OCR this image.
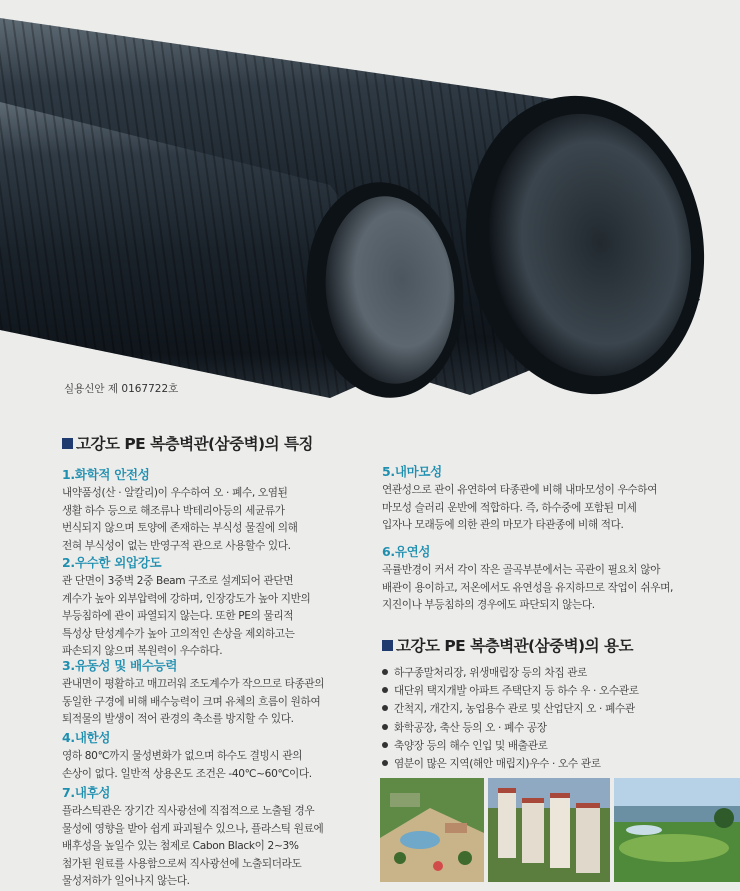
실용신안 제 0167722호
고강도 PE 복층벽관(삼중벽)의 특징
1.화학적 안전성

내약품성(산 · 알칼리)이 우수하여 오 · 폐수, 오염된
생활 하수 등으로 해조류나 박테리아등의 세균류가
번식되지 않으며 토양에 존재하는 부식성 물질에 의해
전혀 부식성이 없는 반영구적 관으로 사용할수 있다.

2.우수한 외압강도

관 단면이 3중벽 2중 Beam 구조로 설계되어 관단면
계수가 높아 외부압력에 강하며, 인장강도가 높아 지반의
부등침하에 관이 파열되지 않는다. 또한 PE의 물리적
특성상 탄성계수가 높아 고의적인 손상을 제외하고는
파손되지 않으며 복원력이 우수하다.

3.유동성 및 배수능력

관내면이 평활하고 매끄러워 조도계수가 작으므로 타종관의
동일한 구경에 비해 배수능력이 크며 유체의 흐름이 원하여
퇴적물의 발생이 적어 관경의 축소를 방지할 수 있다.

4.내한성

영하 80℃까지 물성변화가 없으며 하수도 결빙시 관의
손상이 없다. 일반적 상용온도 조건은 -40℃~60℃이다.

7.내후성

플라스틱관은 장기간 직사광선에 직접적으로 노출될 경우
물성에 영향을 받아 쉽게 파괴될수 있으나, 플라스틱 원료에
배후성을 높일수 있는 첨제로 Cabon Black이 2~3%
첨가된 원료를 사용함으로써 직사광선에 노출되더라도
물성저하가 일어나지 않는다.

5.내마모성

연관성으로 관이 유연하여 타종관에 비해 내마모성이 우수하여
마모성 슬러리 운반에 적합하다. 즉, 하수중에 포함된 미세
입자나 모래등에 의한 관의 마모가 타관종에 비해 적다.

6.유연성

곡률반경이 커서 각이 작은 골곡부분에서는 곡관이 필요치 않아
배관이 용이하고, 저온에서도 유연성을 유지하므로 작업이 쉬우며,
지진이나 부등침하의 경우에도 파단되지 않는다.

고강도 PE 복층벽관(삼중벽)의 용도
하구종말처리장, 위생매립장 등의 차집 관로
대단위 택지개발 아파트 주택단지 등 하수 우 · 오수관로
간척지, 개간지, 농업용수 관로 및 산업단지 오 · 폐수관
화학공장, 축산 등의 오 · 폐수 공장
축양장 등의 해수 인입 및 배출관로
염분이 많은 지역(해안 매립지)우수 · 오수 관로
